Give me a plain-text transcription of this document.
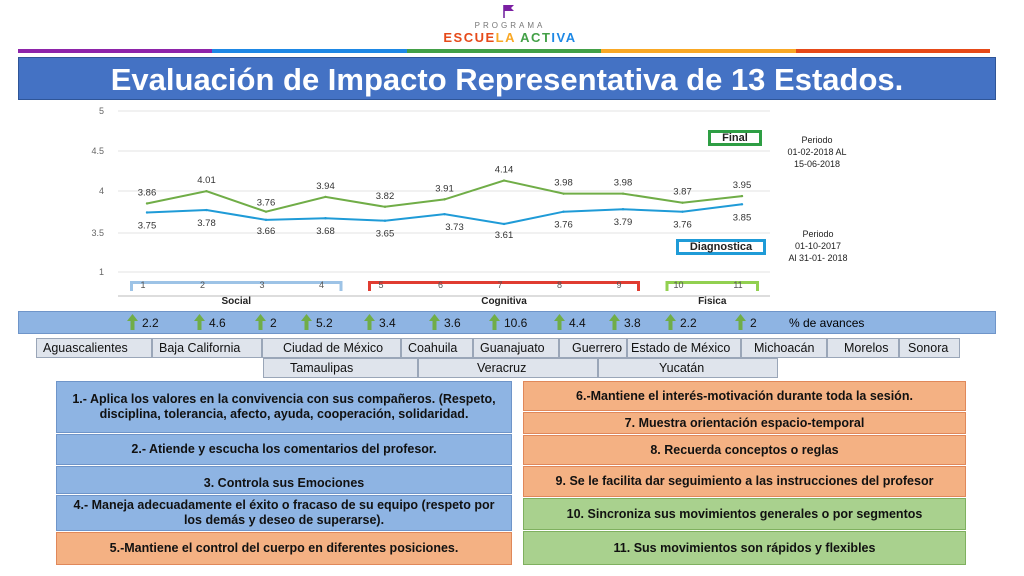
PROGRAMA
ESCUELA ACTIVA
Evaluación de Impacto Representativa de 13 Estados.
5
4.5
4
3.5
1
3.86
4.01
3.76
3.94
3.82
3.91
4.14
3.98	3.98
3.87
3.95
3.75	3.78
3.66	3.68	3.65
3.73
3.61
3.76	3.79	3.76
3.85
Social	Cognitiva	Fisica
1	2	3	4	5	6	7	8	9	10	11
Final
Diagnostica
Periodo
01-02-2018 AL
15-06-2018
Periodo
01-10-2017
Al 31-01- 2018
2.2	4.6	2	5.2	3.4	3.6	10.6	4.4	3.8	2.2	2	% de avances
Aguascalientes	Baja California	Ciudad de México	Coahuila	Guanajuato	Guerrero Estado de México	Michoacán	Morelos	Sonora
Tamaulipas	Veracruz	Yucatán
1.- Aplica los valores en la convivencia con sus compañeros. (Respeto, disciplina, tolerancia, afecto, ayuda, cooperación, solidaridad.
2.- Atiende y escucha los comentarios del profesor.
3. Controla sus Emociones
4.- Maneja adecuadamente el éxito o fracaso de su equipo (respeto por los demás y deseo de superarse).
5.-Mantiene el control del cuerpo en diferentes posiciones.
6.-Mantiene el interés-motivación durante toda la sesión.
7. Muestra orientación espacio-temporal
8. Recuerda conceptos o reglas
9. Se le facilita dar seguimiento a las instrucciones del profesor
10. Sincroniza sus movimientos generales o por segmentos
11. Sus movimientos son rápidos y flexibles
